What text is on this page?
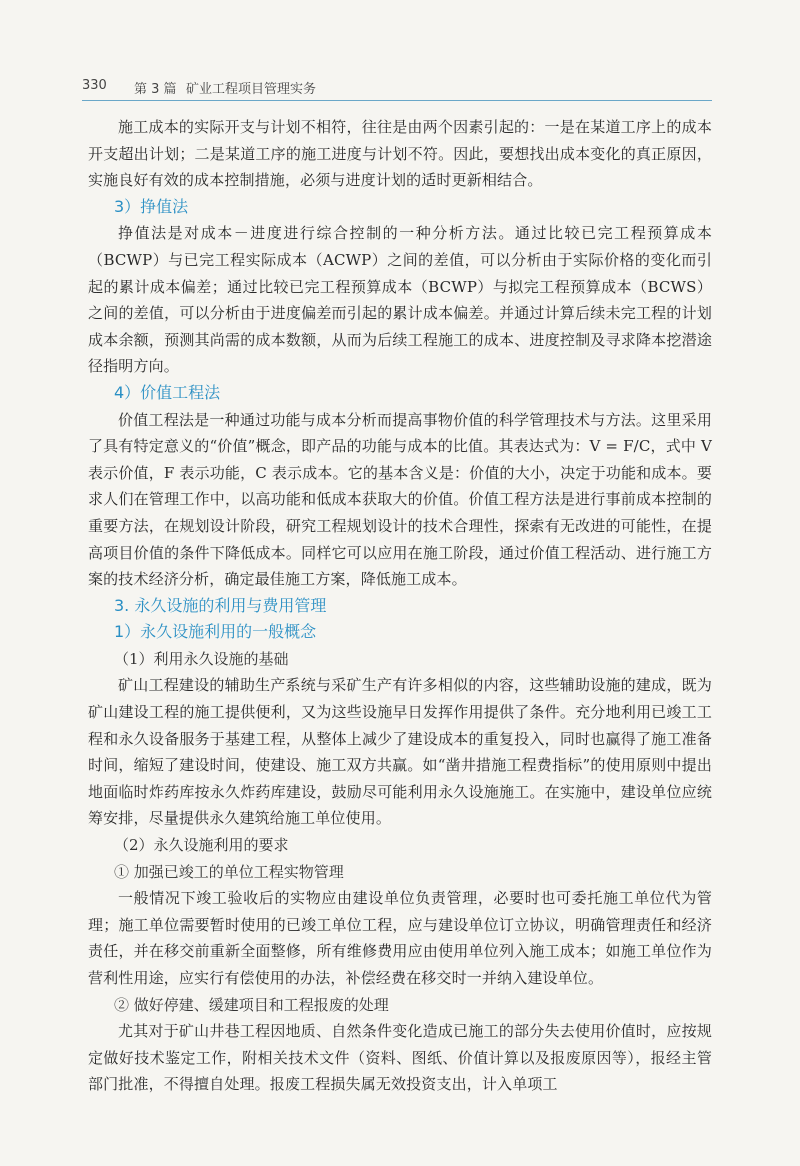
330 第 3 篇 矿业工程项目管理实务

施工成本的实际开支与计划不相符，往往是由两个因素引起的：一是在某道工序上的成本开支超出计划；二是某道工序的施工进度与计划不符。因此，要想找出成本变化的真正原因，实施良好有效的成本控制措施，必须与进度计划的适时更新相结合。

3）挣值法

挣值法是对成本－进度进行综合控制的一种分析方法。通过比较已完工程预算成本（BCWP）与已完工程实际成本（ACWP）之间的差值，可以分析由于实际价格的变化而引起的累计成本偏差；通过比较已完工程预算成本（BCWP）与拟完工程预算成本（BCWS）之间的差值，可以分析由于进度偏差而引起的累计成本偏差。并通过计算后续未完工程的计划成本余额，预测其尚需的成本数额，从而为后续工程施工的成本、进度控制及寻求降本挖潜途径指明方向。

4）价值工程法

价值工程法是一种通过功能与成本分析而提高事物价值的科学管理技术与方法。这里采用了具有特定意义的“价值”概念，即产品的功能与成本的比值。其表达式为：V = F/C，式中 V 表示价值，F 表示功能，C 表示成本。它的基本含义是：价值的大小，决定于功能和成本。要求人们在管理工作中，以高功能和低成本获取大的价值。价值工程方法是进行事前成本控制的重要方法，在规划设计阶段，研究工程规划设计的技术合理性，探索有无改进的可能性，在提高项目价值的条件下降低成本。同样它可以应用在施工阶段，通过价值工程活动、进行施工方案的技术经济分析，确定最佳施工方案，降低施工成本。

3. 永久设施的利用与费用管理

1）永久设施利用的一般概念

（1）利用永久设施的基础

矿山工程建设的辅助生产系统与采矿生产有许多相似的内容，这些辅助设施的建成，既为矿山建设工程的施工提供便利，又为这些设施早日发挥作用提供了条件。充分地利用已竣工工程和永久设备服务于基建工程，从整体上减少了建设成本的重复投入，同时也赢得了施工准备时间，缩短了建设时间，使建设、施工双方共赢。如“凿井措施工程费指标”的使用原则中提出地面临时炸药库按永久炸药库建设，鼓励尽可能利用永久设施施工。在实施中，建设单位应统筹安排，尽量提供永久建筑给施工单位使用。

（2）永久设施利用的要求

① 加强已竣工的单位工程实物管理

一般情况下竣工验收后的实物应由建设单位负责管理，必要时也可委托施工单位代为管理；施工单位需要暂时使用的已竣工单位工程，应与建设单位订立协议，明确管理责任和经济责任，并在移交前重新全面整修，所有维修费用应由使用单位列入施工成本；如施工单位作为营利性用途，应实行有偿使用的办法，补偿经费在移交时一并纳入建设单位。

② 做好停建、缓建项目和工程报废的处理

尤其对于矿山井巷工程因地质、自然条件变化造成已施工的部分失去使用价值时，应按规定做好技术鉴定工作，附相关技术文件（资料、图纸、价值计算以及报废原因等），报经主管部门批准，不得擅自处理。报废工程损失属无效投资支出，计入单项工
